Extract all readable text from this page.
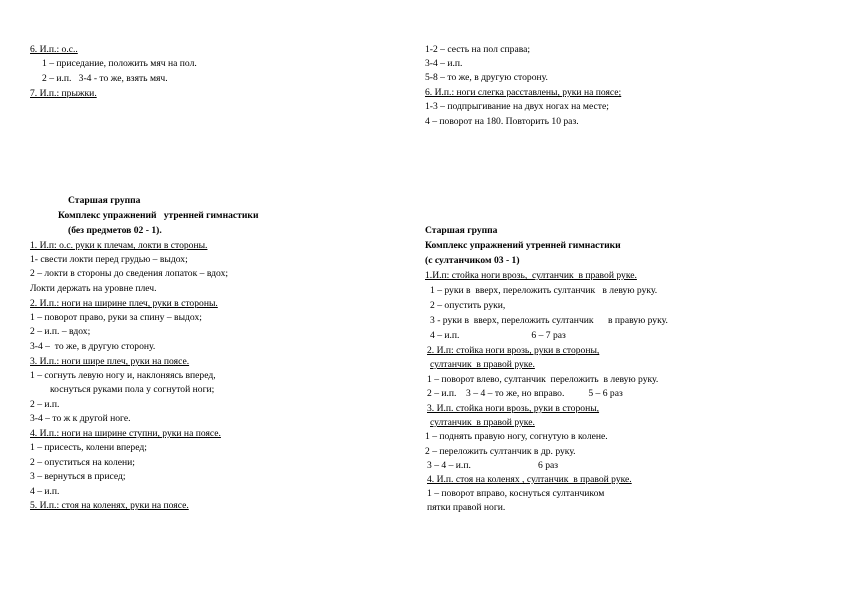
6. И.п.: о.с..
1 – приседание, положить мяч на пол.
2 – и.п.   3-4 - то же, взять мяч.
7. И.п.: прыжки.
1-2 – сесть на пол справа;
3-4 – и.п.
5-8 – то же, в другую сторону.
6. И.п.: ноги слегка расставлены, руки на поясе;
1-3 – подпрыгивание на двух ногах на месте;
4 – поворот на 180. Повторить 10 раз.
Старшая группа
Комплекс упражнений   утренней гимнастики
(без предметов 02 - 1).
1. И.п: о.с. руки к плечам, локти в стороны.
1- свести локти перед грудью – выдох;
2 – локти в стороны до сведения лопаток – вдох;
Локти держать на уровне плеч.
2. И.п.: ноги на ширине плеч, руки в стороны.
1 – поворот право, руки за спину – выдох;
2 – и.п. – вдох;
3-4 –  то же, в другую сторону.
3. И.п.: ноги шире плеч, руки на поясе.
1 – согнуть левую ногу и, наклоняясь вперед,
коснуться руками пола у согнутой ноги;
2 – и.п.
3-4 – то ж к другой ноге.
4. И.п.: ноги на ширине ступни, руки на поясе.
1 – присесть, колени вперед;
2 – опуститься на колени;
3 – вернуться в присед;
4 – и.п.
5. И.п.: стоя на коленях, руки на поясе.
Старшая группа
Комплекс упражнений утренней гимнастики
(с султанчиком 03 - 1)
1.И.п: стойка ноги врозь,  султанчик  в правой руке.
1 – руки в  вверх, переложить султанчик   в левую руку.
2 – опустить руки,
3 - руки в  вверх, переложить султанчик      в правую руку.
4 – и.п.                              6 – 7 раз
2. И.п: стойка ноги врозь, руки в стороны,
султанчик  в правой руке.
1 – поворот влево, султанчик  переложить  в левую руку.
2 – и.п.    3 – 4 – то же, но вправо.          5 – 6 раз
3. И.п. стойка ноги врозь, руки в стороны,
султанчик  в правой руке.
1 – поднять правую ногу, согнутую в колене.
2 – переложить султанчик в др. руку.
3 – 4 – и.п.                            6 раз
4. И.п. стоя на коленях , султанчик  в правой руке.
1 – поворот вправо, коснуться султанчиком
пятки правой ноги.
